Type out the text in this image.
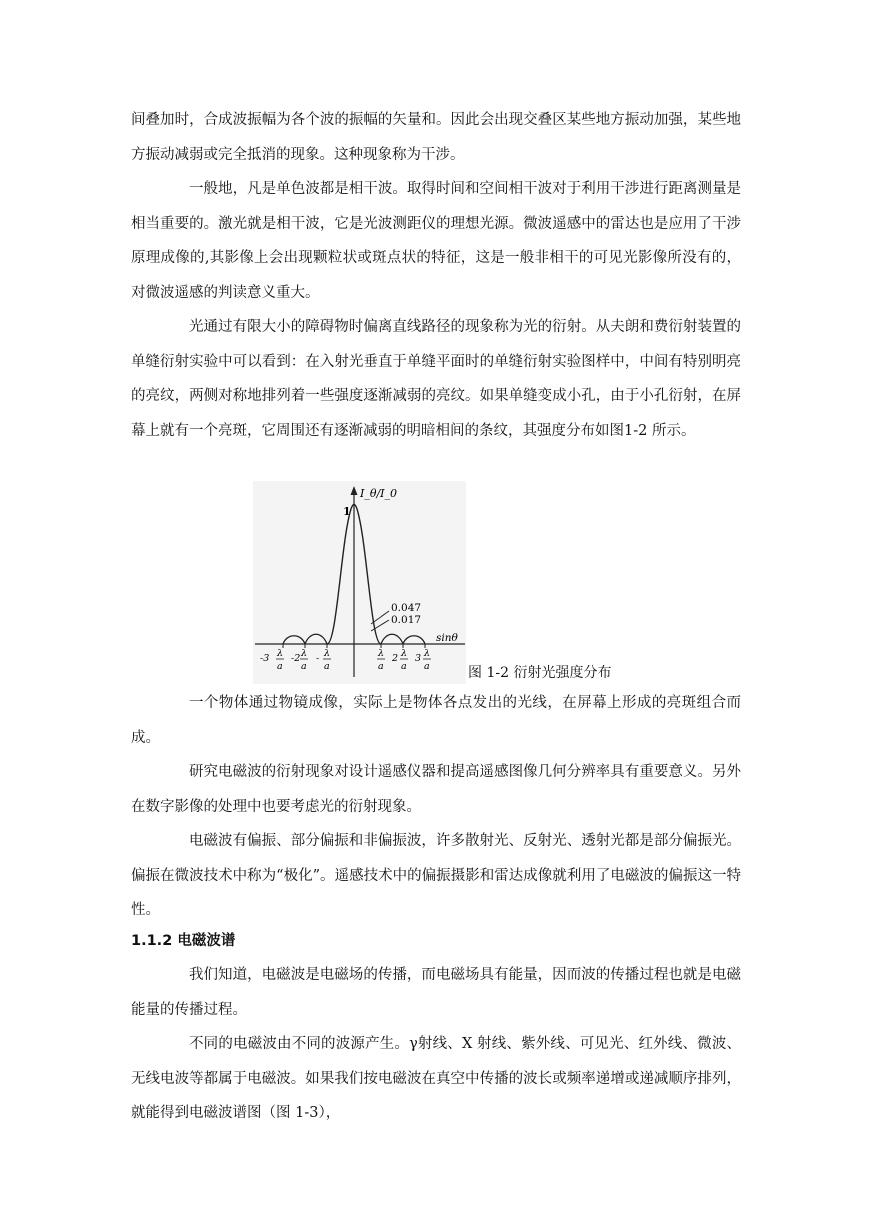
间叠加时，合成波振幅为各个波的振幅的矢量和。因此会出现交叠区某些地方振动加强，某些地方振动减弱或完全抵消的现象。这种现象称为干涉。

一般地，凡是单色波都是相干波。取得时间和空间相干波对于利用干涉进行距离测量是相当重要的。激光就是相干波，它是光波测距仪的理想光源。微波遥感中的雷达也是应用了干涉原理成像的,其影像上会出现颗粒状或斑点状的特征，这是一般非相干的可见光影像所没有的，对微波遥感的判读意义重大。

光通过有限大小的障碍物时偏离直线路径的现象称为光的衍射。从夫朗和费衍射装置的单缝衍射实验中可以看到：在入射光垂直于单缝平面时的单缝衍射实验图样中，中间有特别明亮的亮纹，两侧对称地排列着一些强度逐渐减弱的亮纹。如果单缝变成小孔，由于小孔衍射，在屏幕上就有一个亮斑，它周围还有逐渐减弱的明暗相间的条纹，其强度分布如图1-2 所示。

I_θ/I_0
1
0.047
0.017
sinθ
-3 λ
a
-2 λ
a
- λ
a
λ
a
2 λ
a
3 λ
a	图 1-2 衍射光强度分布

一个物体通过物镜成像，实际上是物体各点发出的光线，在屏幕上形成的亮斑组合而成。

研究电磁波的衍射现象对设计遥感仪器和提高遥感图像几何分辨率具有重要意义。另外在数字影像的处理中也要考虑光的衍射现象。

电磁波有偏振、部分偏振和非偏振波，许多散射光、反射光、透射光都是部分偏振光。偏振在微波技术中称为“极化”。遥感技术中的偏振摄影和雷达成像就利用了电磁波的偏振这一特性。

1.1.2 电磁波谱

我们知道，电磁波是电磁场的传播，而电磁场具有能量，因而波的传播过程也就是电磁能量的传播过程。

不同的电磁波由不同的波源产生。γ射线、X 射线、紫外线、可见光、红外线、微波、无线电波等都属于电磁波。如果我们按电磁波在真空中传播的波长或频率递增或递减顺序排列，就能得到电磁波谱图（图 1-3），
